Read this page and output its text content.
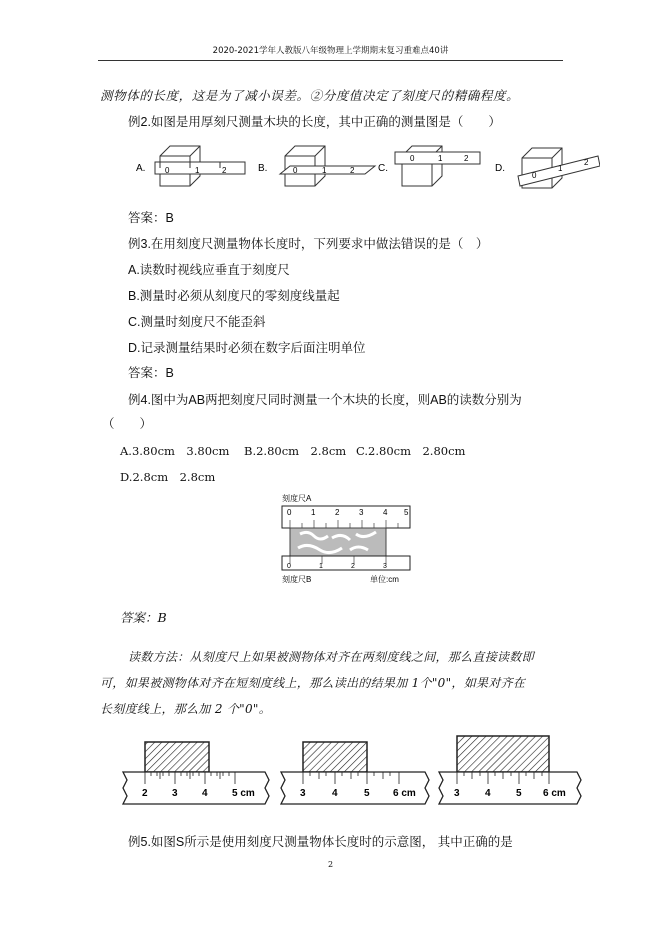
2020-2021学年人教版八年级物理上学期期末复习重难点40讲
测物体的长度，这是为了减小误差。②分度值决定了刻度尺的精确程度。
例2.如图是用厚刻尺测量木块的长度，其中正确的测量图是（　　）
A. 0	1	2	B.	0	1	2 C.
0	1	2
D.
0
1
2
答案：B
例3.在用刻度尺测量物体长度时，下列要求中做法错误的是（　）
A.读数时视线应垂直于刻度尺
B.测量时必须从刻度尺的零刻度线量起
C.测量时刻度尺不能歪斜
D.记录测量结果时必须在数字后面注明单位
答案：B
例4.图中为AB两把刻度尺同时测量一个木块的长度，则AB的读数分别为
（　　）
A.3.80cm　3.80cm B.2.80cm　2.8cm C.2.80cm　2.80cm
D.2.8cm　2.8cm
刻度尺A
0 1 2 3 4 5
0	1	2	3
刻度尺B	单位:cm
答案：B
读数方法：从刻度尺上如果被测物体对齐在两刻度线之间，那么直接读数即
可，如果被测物体对齐在短刻度线上，那么读出的结果加 1个"0"，如果对齐在
长刻度线上，那么加 2 个"0"。
2 3 4 5 cm	3	4	5 6 cm	3	4	5 6 cm
例5.如图S所示是使用刻度尺测量物体长度时的示意图， 其中正确的是
2
